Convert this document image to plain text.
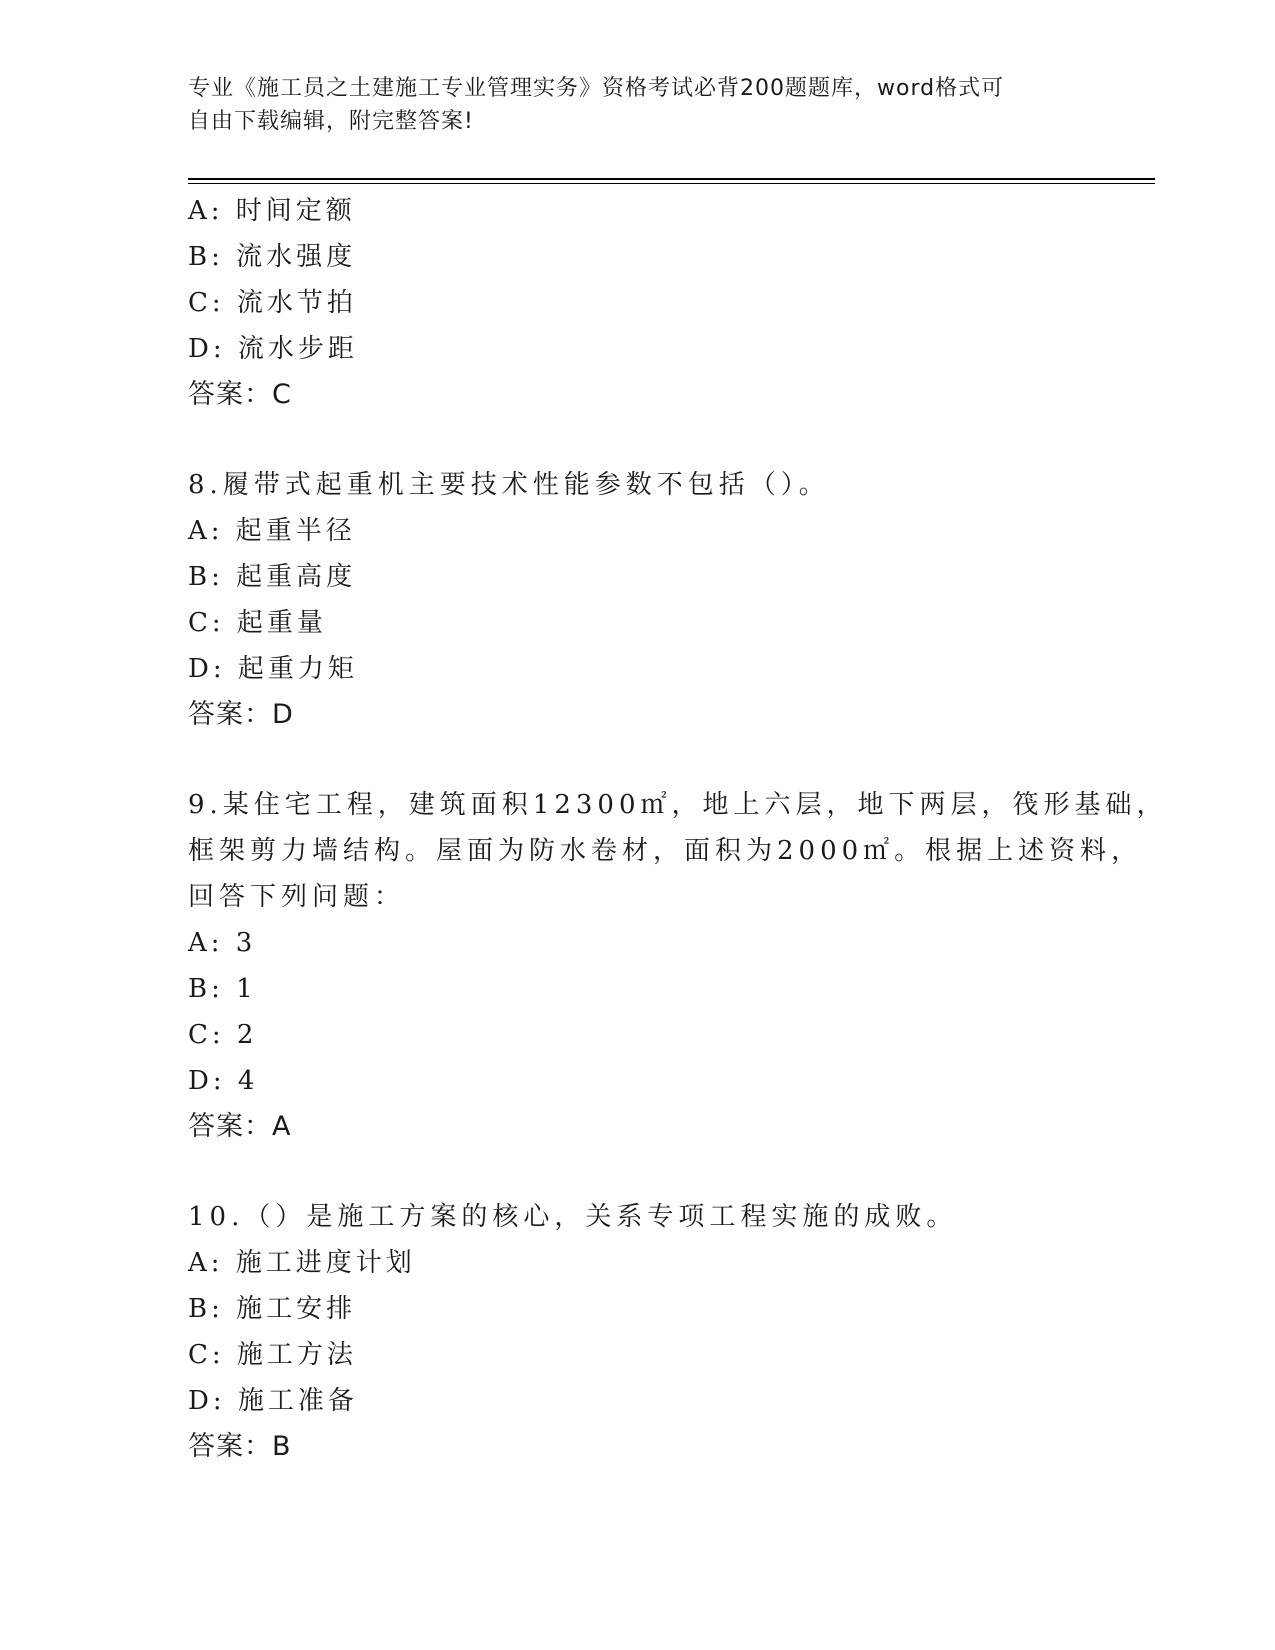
专业《施工员之土建施工专业管理实务》资格考试必背200题题库，word格式可
自由下载编辑，附完整答案!
A: 时间定额
B: 流水强度
C: 流水节拍
D: 流水步距
答案：C
8.履带式起重机主要技术性能参数不包括（）。
A: 起重半径
B: 起重高度
C: 起重量
D: 起重力矩
答案：D
9.某住宅工程，建筑面积12300㎡，地上六层，地下两层，筏形基础，
框架剪力墙结构。屋面为防水卷材，面积为2000㎡。根据上述资料，
回答下列问题：
A: 3
B: 1
C: 2
D: 4
答案：A
10.（）是施工方案的核心，关系专项工程实施的成败。
A: 施工进度计划
B: 施工安排
C: 施工方法
D: 施工准备
答案：B
